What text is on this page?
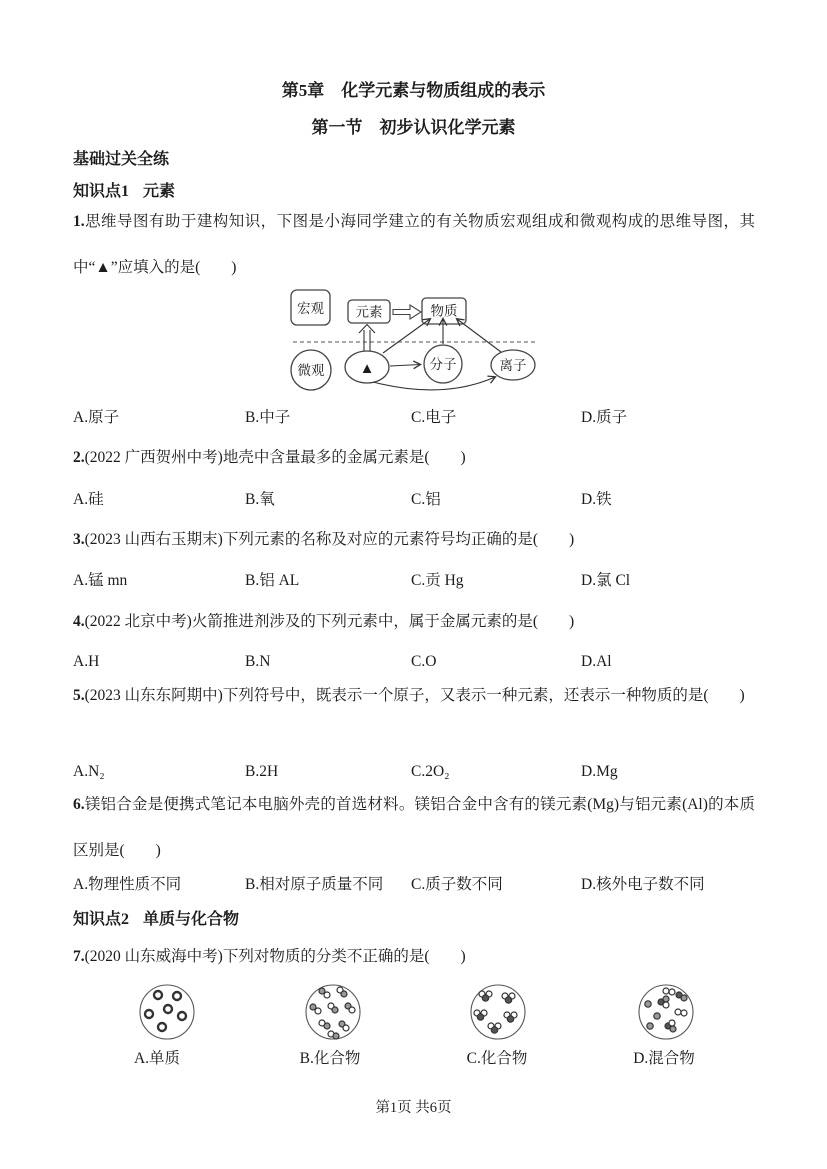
第5章　化学元素与物质组成的表示
第一节　初步认识化学元素
基础过关全练
知识点1 元素
1.思维导图有助于建构知识，下图是小海同学建立的有关物质宏观组成和微观构成的思维导图，其中“▲”应填入的是(　　)
宏观 元素	物质
微观 ▲	分子	离子
A.原子	B.中子	C.电子	D.质子
2.(2022 广西贺州中考)地壳中含量最多的金属元素是(　　)
A.硅	B.氧	C.铝	D.铁
3.(2023 山西右玉期末)下列元素的名称及对应的元素符号均正确的是(　　)
A.锰 mn	B.铝 AL	C.贡 Hg	D.氯 Cl
4.(2022 北京中考)火箭推进剂涉及的下列元素中，属于金属元素的是(　　)
A.H	B.N	C.O	D.Al
5.(2023 山东东阿期中)下列符号中，既表示一个原子，又表示一种元素，还表示一种物质的是(　　)
A.N₂	B.2H	C.2O₂	D.Mg
6.镁铝合金是便携式笔记本电脑外壳的首选材料。镁铝合金中含有的镁元素(Mg)与铝元素(Al)的本质区别是(　　)
A.物理性质不同	B.相对原子质量不同	C.质子数不同	D.核外电子数不同
知识点2 单质与化合物
7.(2020 山东威海中考)下列对物质的分类不正确的是(　　)
A.单质	B.化合物	C.化合物	D.混合物
第1页 共6页
